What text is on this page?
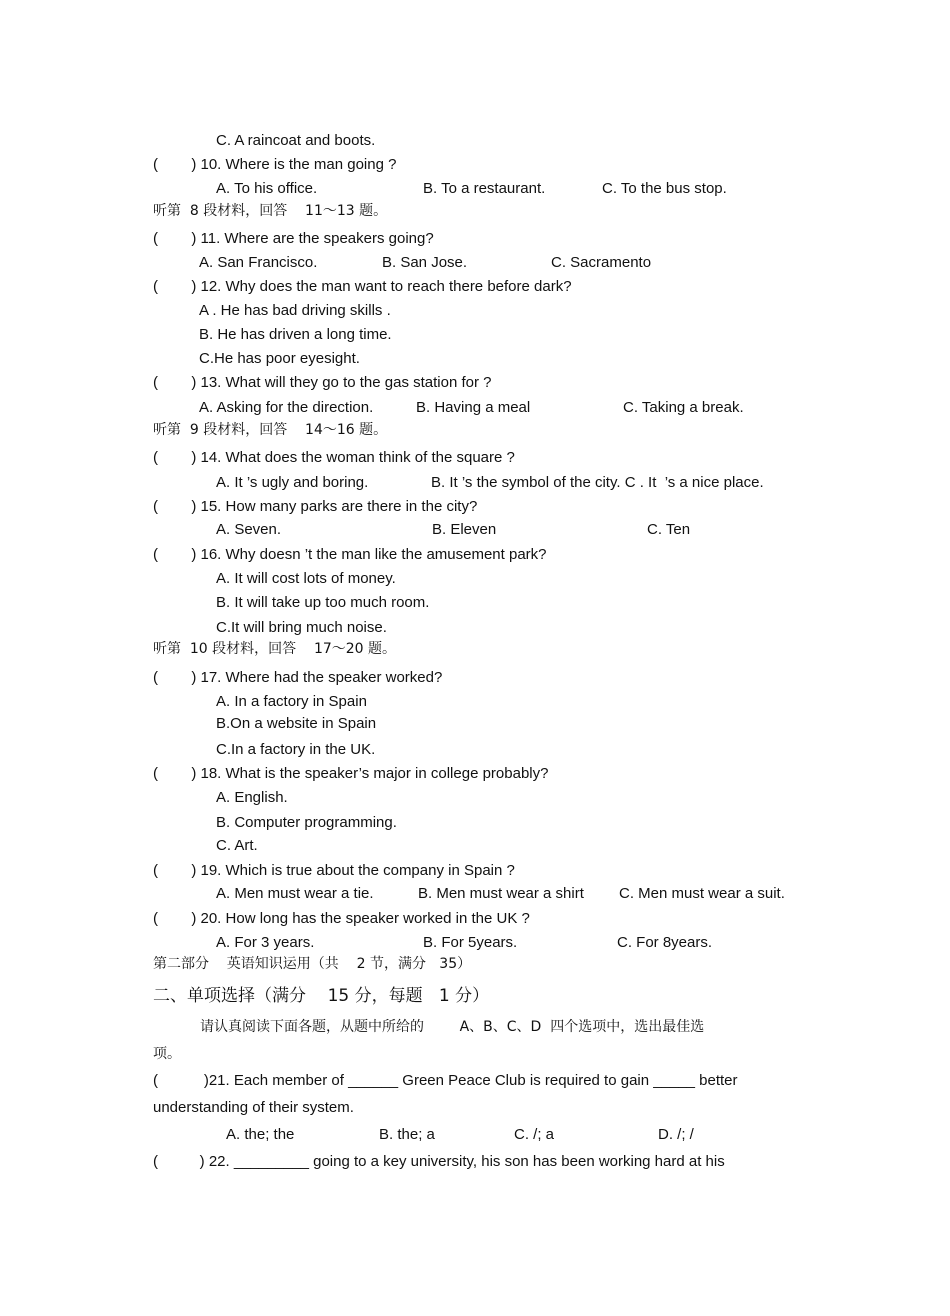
C. A raincoat and boots.
(        ) 10. Where is the man going ?
A. To his office.	B. To a restaurant.	C. To the bus stop.
听第  8 段材料，回答    11～13 题。
(        ) 11. Where are the speakers going?
A. San Francisco.	B. San Jose.	C. Sacramento
(        ) 12. Why does the man want to reach there before dark?
A . He has bad driving skills .
B. He has driven a long time.
C.He has poor eyesight.
(        ) 13. What will they go to the gas station for ?
A. Asking for the direction.	B. Having a meal	C. Taking a break.
听第  9 段材料，回答    14～16 题。
(        ) 14. What does the woman think of the square ?
A. It ’s ugly and boring.	B. It ’s the symbol of the city. C . It  ’s a nice place.
(        ) 15. How many parks are there in the city?
A. Seven.	B. Eleven	C. Ten
(        ) 16. Why doesn ’t the man like the amusement park?
A. It will cost lots of money.
B. It will take up too much room.
C.It will bring much noise.
听第  10 段材料，回答    17～20 题。
(        ) 17. Where had the speaker worked?
A. In a factory in Spain
B.On a website in Spain
C.In a factory in the UK.
(        ) 18. What is the speaker’s major in college probably?
A. English.
B. Computer programming.
C. Art.
(        ) 19. Which is true about the company in Spain ?
A. Men must wear a tie.	B. Men must wear a shirt C. Men must wear a suit.
(        ) 20. How long has the speaker worked in the UK ?
A. For 3 years.	B. For 5years.	C. For 8years.
第二部分    英语知识运用（共    2 节，满分   35）
二、单项选择（满分    15 分，每题   1 分）
请认真阅读下面各题，从题中所给的        A、B、C、D  四个选项中，选出最佳选
项。
(           )21. Each member of ______ Green Peace Club is required to gain _____ better
understanding of their system.
A. the; the	B. the; a	C. /; a	D. /; /
(          ) 22. _________ going to a key university, his son has been working hard at his
